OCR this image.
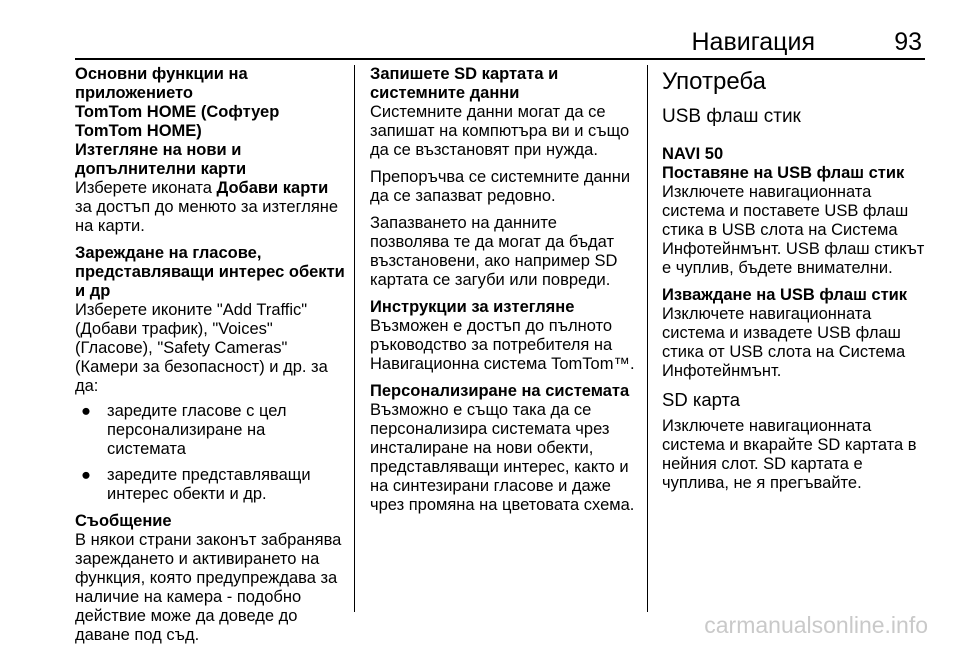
Навигация	93
Основни функции на приложението
TomTom HOME (Софтуер TomTom HOME)
Изтегляне на нови и допълнителни карти
Изберете иконата Добави карти за достъп до менюто за изтегляне на карти.
Зареждане на гласове, представляващи интерес обекти и др
Изберете иконите "Add Traffic" (Добави трафик), "Voices" (Гласове), "Safety Cameras" (Камери за безопасност) и др. за да:
● заредите гласове с цел персонализиране на системата
● заредите представляващи интерес обекти и др.
Съобщение
В някои страни законът забранява зареждането и активирането на функция, която предупреждава за наличие на камера - подобно действие може да доведе до даване под съд.
Запишете SD картата и системните данни
Системните данни могат да се запишат на компютъра ви и също да се възстановят при нужда.
Препоръчва се системните данни да се запазват редовно.
Запазването на данните позволява те да могат да бъдат възстановени, ако например SD картата се загуби или повреди.
Инструкции за изтегляне
Възможен е достъп до пълното ръководство за потребителя на Навигационна система TomTom™.
Персонализиране на системата
Възможно е също така да се персонализира системата чрез инсталиране на нови обекти, представляващи интерес, както и на синтезирани гласове и даже чрез промяна на цветовата схема.
Употреба
USB флаш стик
NAVI 50
Поставяне на USB флаш стик
Изключете навигационната система и поставете USB флаш стика в USB слота на Система Инфотейнмънт. USB флаш стикът е чуплив, бъдете внимателни.
Изваждане на USB флаш стик
Изключете навигационната система и извадете USB флаш стика от USB слота на Система Инфотейнмънт.
SD карта
Изключете навигационната система и вкарайте SD картата в нейния слот. SD картата е чуплива, не я прегъвайте.
carmanualsonline.info
